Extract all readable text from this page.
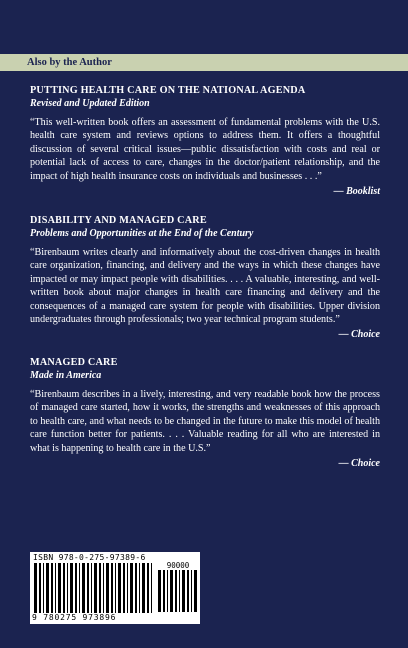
Also by the Author
PUTTING HEALTH CARE ON THE NATIONAL AGENDA
Revised and Updated Edition
“This well-written book offers an assessment of fundamental problems with the U.S. health care system and reviews options to address them. It offers a thoughtful discussion of several critical issues—public dissatisfaction with costs and real or potential lack of access to care, changes in the doctor/patient relationship, and the impact of high health insurance costs on individuals and businesses . . .”
— Booklist
DISABILITY AND MANAGED CARE
Problems and Opportunities at the End of the Century
“Birenbaum writes clearly and informatively about the cost-driven changes in health care organization, financing, and delivery and the ways in which these changes have impacted or may impact people with disabilities. . . . A valuable, interesting, and well-written book about major changes in health care financing and delivery and the consequences of a managed care system for people with disabilities. Upper division undergraduates through professionals; two year technical program students.”
— Choice
MANAGED CARE
Made in America
“Birenbaum describes in a lively, interesting, and very readable book how the process of managed care started, how it works, the strengths and weaknesses of this approach to health care, and what needs to be changed in the future to make this model of health care function better for patients. . . . Valuable reading for all who are interested in what is happening to health care in the U.S.”
— Choice
ISBN 978-0-275-97389-6
90000
9 780275 973896
